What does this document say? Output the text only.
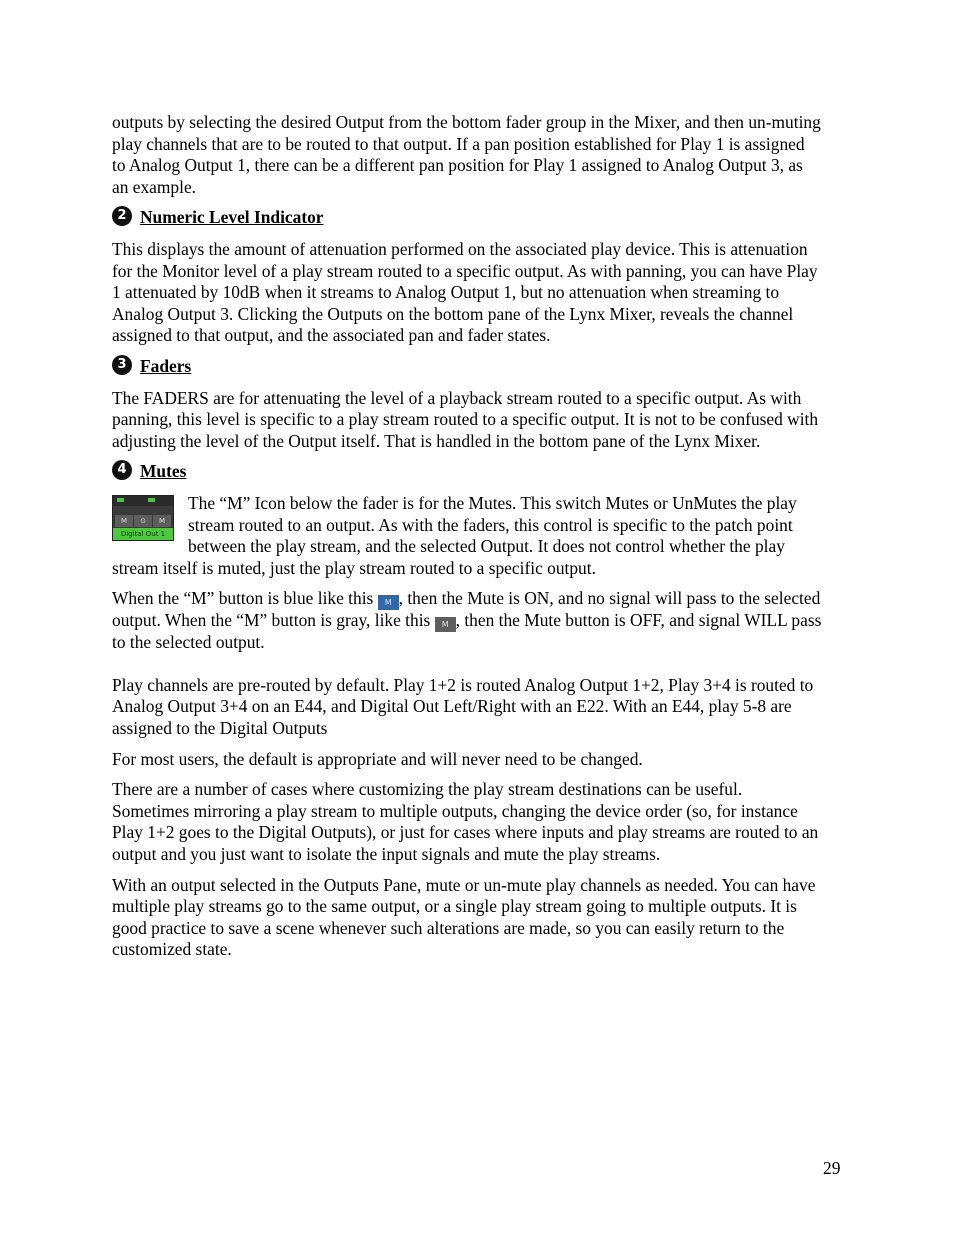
outputs by selecting the desired Output from the bottom fader group in the Mixer, and then un-muting play channels that are to be routed to that output. If a pan position established for Play 1 is assigned to Analog Output 1, there can be a different pan position for Play 1 assigned to Analog Output 3, as an example.

2 Numeric Level Indicator

This displays the amount of attenuation performed on the associated play device. This is attenuation for the Monitor level of a play stream routed to a specific output. As with panning, you can have Play 1 attenuated by 10dB when it streams to Analog Output 1, but no attenuation when streaming to Analog Output 3. Clicking the Outputs on the bottom pane of the Lynx Mixer, reveals the channel assigned to that output, and the associated pan and fader states.

3 Faders

The FADERS are for attenuating the level of a playback stream routed to a specific output. As with panning, this level is specific to a play stream routed to a specific output. It is not to be confused with adjusting the level of the Output itself. That is handled in the bottom pane of the Lynx Mixer.

4 Mutes
M	⊙	M
Digital Out 1

The “M” Icon below the fader is for the Mutes. This switch Mutes or UnMutes the play stream routed to an output. As with the faders, this control is specific to the patch point between the play stream, and the selected Output. It does not control whether the play stream itself is muted, just the play stream routed to a specific output.

When the “M” button is blue like this M , then the Mute is ON, and no signal will pass to the selected output. When the “M” button is gray, like this M , then the Mute button is OFF, and signal WILL pass to the selected output.

Play channels are pre-routed by default. Play 1+2 is routed Analog Output 1+2, Play 3+4 is routed to Analog Output 3+4 on an E44, and Digital Out Left/Right with an E22. With an E44, play 5-8 are assigned to the Digital Outputs

For most users, the default is appropriate and will never need to be changed.

There are a number of cases where customizing the play stream destinations can be useful. Sometimes mirroring a play stream to multiple outputs, changing the device order (so, for instance Play 1+2 goes to the Digital Outputs), or just for cases where inputs and play streams are routed to an output and you just want to isolate the input signals and mute the play streams.

With an output selected in the Outputs Pane, mute or un-mute play channels as needed. You can have multiple play streams go to the same output, or a single play stream going to multiple outputs. It is good practice to save a scene whenever such alterations are made, so you can easily return to the customized state.

29
